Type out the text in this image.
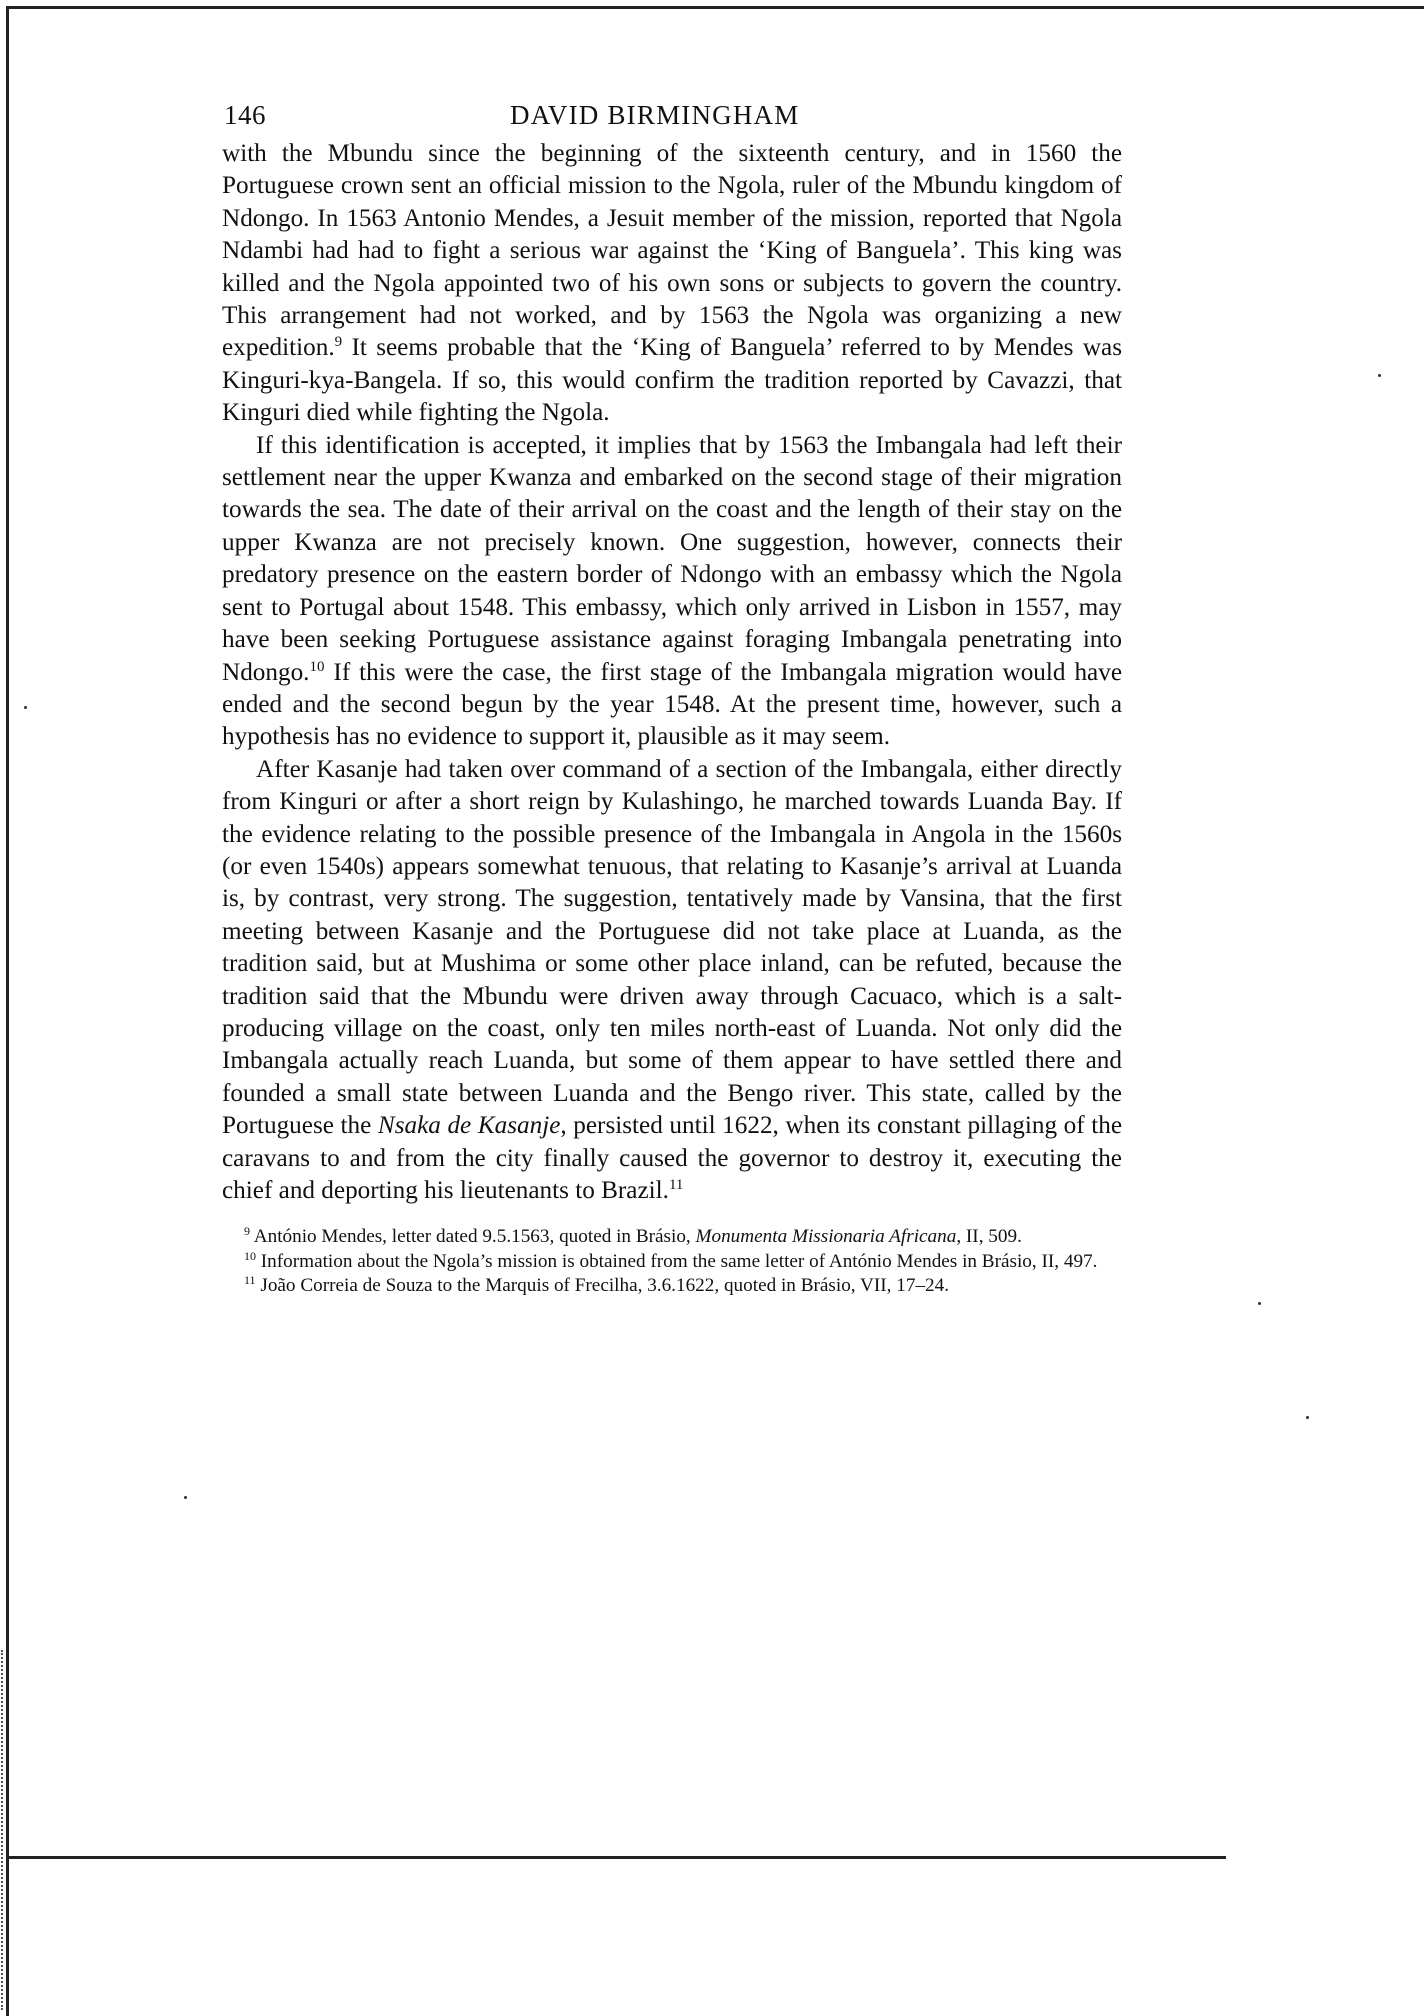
146	DAVID BIRMINGHAM

with the Mbundu since the beginning of the sixteenth century, and in 1560 the Portuguese crown sent an official mission to the Ngola, ruler of the Mbundu kingdom of Ndongo. In 1563 Antonio Mendes, a Jesuit member of the mission, reported that Ngola Ndambi had had to fight a serious war against the ‘King of Banguela’. This king was killed and the Ngola appointed two of his own sons or subjects to govern the country. This arrangement had not worked, and by 1563 the Ngola was organizing a new expedition.$^9$ It seems probable that the ‘King of Banguela’ referred to by Mendes was Kinguri-kya-Bangela. If so, this would confirm the tradition reported by Cavazzi, that Kinguri died while fighting the Ngola.

If this identification is accepted, it implies that by 1563 the Imbangala had left their settlement near the upper Kwanza and embarked on the second stage of their migration towards the sea. The date of their arrival on the coast and the length of their stay on the upper Kwanza are not precisely known. One suggestion, however, connects their predatory presence on the eastern border of Ndongo with an embassy which the Ngola sent to Portugal about 1548. This embassy, which only arrived in Lisbon in 1557, may have been seeking Portuguese assistance against foraging Imbangala penetrating into Ndongo.$^{10}$ If this were the case, the first stage of the Imbangala migration would have ended and the second begun by the year 1548. At the present time, however, such a hypothesis has no evidence to support it, plausible as it may seem.

After Kasanje had taken over command of a section of the Imbangala, either directly from Kinguri or after a short reign by Kulashingo, he marched towards Luanda Bay. If the evidence relating to the possible presence of the Imbangala in Angola in the 1560s (or even 1540s) appears somewhat tenuous, that relating to Kasanje’s arrival at Luanda is, by contrast, very strong. The suggestion, tentatively made by Vansina, that the first meeting between Kasanje and the Portuguese did not take place at Luanda, as the tradition said, but at Mushima or some other place inland, can be refuted, because the tradition said that the Mbundu were driven away through Cacuaco, which is a salt-producing village on the coast, only ten miles north-east of Luanda. Not only did the Imbangala actually reach Luanda, but some of them appear to have settled there and founded a small state between Luanda and the Bengo river. This state, called by the Portuguese the Nsaka de Kasanje, persisted until 1622, when its constant pillaging of the caravans to and from the city finally caused the governor to destroy it, executing the chief and deporting his lieutenants to Brazil.$^{11}$

$^9$ António Mendes, letter dated 9.5.1563, quoted in Brásio, Monumenta Missionaria Africana, II, 509.

$^{10}$ Information about the Ngola’s mission is obtained from the same letter of António Mendes in Brásio, II, 497.

$^{11}$ João Correia de Souza to the Marquis of Frecilha, 3.6.1622, quoted in Brásio, VII, 17–24.
